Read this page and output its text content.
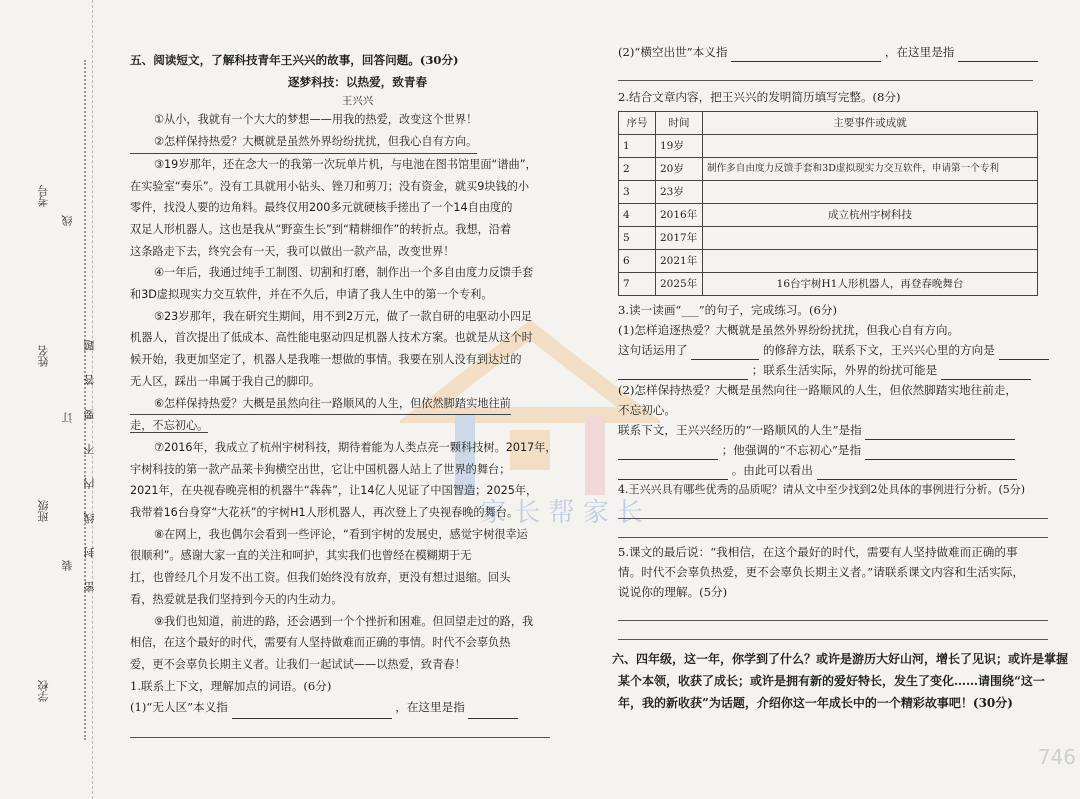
考号
姓名
班级
学校
线
订
装 密 封 线 内 不 要 答 题	家 长 帮 家 长
五、阅读短文，了解科技青年王兴兴的故事，回答问题。(30分)
逐梦科技：以热爱，致青春
王兴兴
①从小，我就有一个大大的梦想——用我的热爱，改变这个世界！
②怎样保持热爱？大概就是虽然外界纷纷扰扰，但我心自有方向。
③19岁那年，还在念大一的我第一次玩单片机，与电池在图书馆里面“谱曲”，
在实验室“奏乐”。没有工具就用小钻头、锉刀和剪刀；没有资金，就买9块钱的小
零件，找没人要的边角料。最终仅用200多元就硬核手搓出了一个14自由度的
双足人形机器人。这也是我从“野蛮生长”到“精耕细作”的转折点。我想，沿着
这条路走下去，终究会有一天，我可以做出一款产品，改变世界！
④一年后，我通过纯手工制图、切割和打磨，制作出一个多自由度力反馈手套
和3D虚拟现实力交互软件，并在不久后，申请了我人生中的第一个专利。
⑤23岁那年，我在研究生期间，用不到2万元，做了一款自研的电驱动小四足
机器人，首次提出了低成本、高性能电驱动四足机器人技术方案。也就是从这个时
候开始，我更加坚定了，机器人是我唯一想做的事情。我要在别人没有到达过的
无人区，踩出一串属于我自己的脚印。
⑥怎样保持热爱？大概是虽然向往一路顺风的人生，但依然脚踏实地往前
走，不忘初心。
⑦2016年，我成立了杭州宇树科技，期待着能为人类点亮一颗科技树。2017年，
宇树科技的第一款产品莱卡狗横空出世，它让中国机器人站上了世界的舞台；
2021年，在央视春晚亮相的机器牛“犇犇”，让14亿人见证了中国智造；2025年，
我带着16台身穿“大花袄”的宇树H1人形机器人，再次登上了央视春晚的舞台。
⑧在网上，我也偶尔会看到一些评论，“看到宇树的发展史，感觉宇树很幸运
很顺利”。感谢大家一直的关注和呵护，其实我们也曾经在模糊期于无
扛，也曾经几个月发不出工资。但我们始终没有放弃，更没有想过退缩。回头
看，热爱就是我们坚持到今天的内生动力。
⑨我们也知道，前进的路，还会遇到一个个挫折和困难。但回望走过的路，我
相信，在这个最好的时代，需要有人坚持做难而正确的事情。时代不会辜负热
爱，更不会辜负长期主义者。让我们一起试试——以热爱，致青春！
1.联系上下文，理解加点的词语。(6分)
(1)“无人区”本义指	，在这里是指
(2)“横空出世”本义指	，在这里是指
2.结合文章内容，把王兴兴的发明简历填写完整。(8分)
序号	时间	主要事件或成就
1	19岁	
2	20岁	制作多自由度力反馈手套和3D虚拟现实力交互软件，申请第一个专利
3	23岁	
4	2016年	成立杭州宇树科技
5	2017年	
6	2021年	
7	2025年	16台宇树H1人形机器人，再登春晚舞台
3.读一读画“___”的句子，完成练习。(6分)
(1)怎样追逐热爱？大概就是虽然外界纷纷扰扰，但我心自有方向。
这句话运用了	的修辞方法，联系下文，王兴兴心里的方向是
；联系生活实际，外界的纷扰可能是
(2)怎样保持热爱？大概是虽然向往一路顺风的人生，但依然脚踏实地往前走，
不忘初心。
联系下文，王兴兴经历的“一路顺风的人生”是指
；他强调的“不忘初心”是指
。由此可以看出
4.王兴兴具有哪些优秀的品质呢？请从文中至少找到2处具体的事例进行分析。(5分)
5.课文的最后说：“我相信，在这个最好的时代，需要有人坚持做难而正确的事
情。时代不会辜负热爱，更不会辜负长期主义者。”请联系课文内容和生活实际，
说说你的理解。(5分)
六、四年级，这一年，你学到了什么？或许是游历大好山河，增长了见识；或许是掌握
某个本领，收获了成长；或许是拥有新的爱好特长，发生了变化……请围绕“这一
年，我的新收获”为话题，介绍你这一年成长中的一个精彩故事吧！(30分)
746
